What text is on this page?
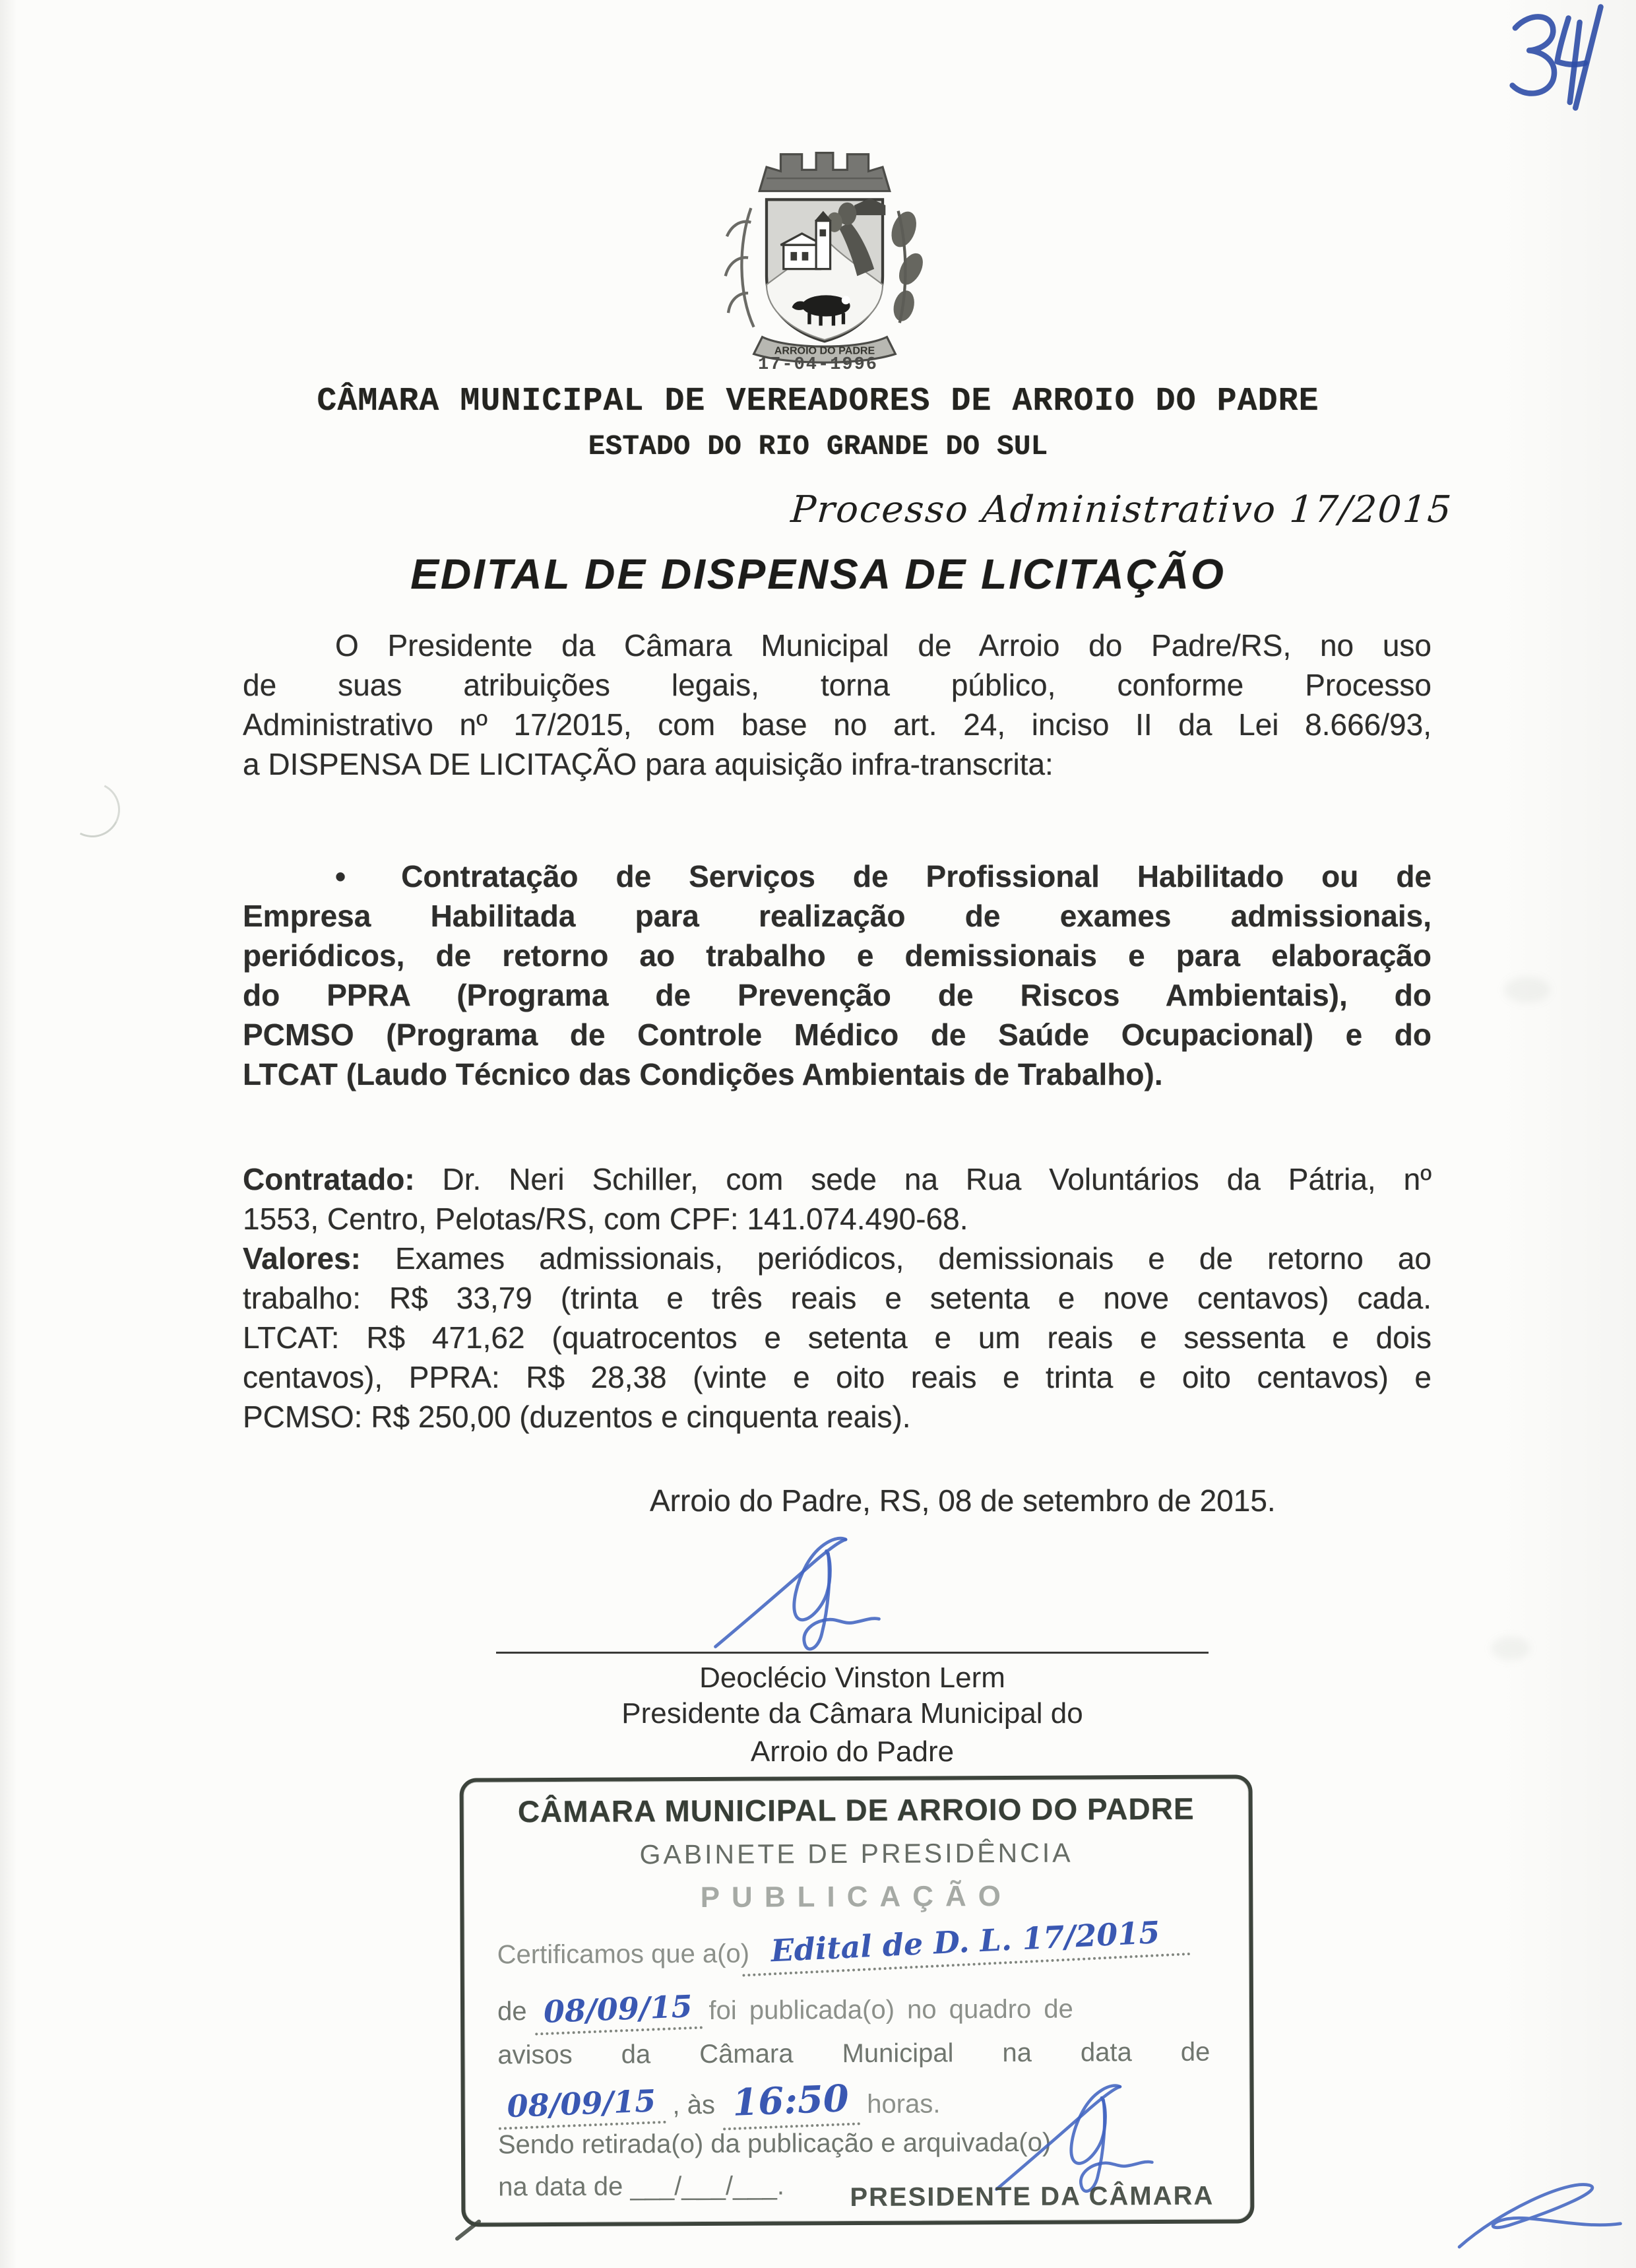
ARROIO DO PADRE
17-04-1996
CÂMARA MUNICIPAL DE VEREADORES DE ARROIO DO PADRE
ESTADO DO RIO GRANDE DO SUL
Processo Administrativo 17/2015
EDITAL DE DISPENSA DE LICITAÇÃO
O Presidente da Câmara Municipal de Arroio do Padre/RS, no uso
de suas atribuições legais, torna público, conforme Processo
Administrativo nº 17/2015, com base no art. 24, inciso II da Lei 8.666/93,
a DISPENSA DE LICITAÇÃO para aquisição infra-transcrita:
• Contratação de Serviços de Profissional Habilitado ou de
Empresa Habilitada para realização de exames admissionais,
periódicos, de retorno ao trabalho e demissionais e para elaboração
do PPRA (Programa de Prevenção de Riscos Ambientais), do
PCMSO (Programa de Controle Médico de Saúde Ocupacional) e do
LTCAT (Laudo Técnico das Condições Ambientais de Trabalho).
Contratado: Dr. Neri Schiller, com sede na Rua Voluntários da Pátria, nº
1553, Centro, Pelotas/RS, com CPF: 141.074.490-68.
Valores: Exames admissionais, periódicos, demissionais e de retorno ao
trabalho: R$ 33,79 (trinta e três reais e setenta e nove centavos) cada.
LTCAT: R$ 471,62 (quatrocentos e setenta e um reais e sessenta e dois
centavos), PPRA: R$ 28,38 (vinte e oito reais e trinta e oito centavos) e
PCMSO: R$ 250,00 (duzentos e cinquenta reais).
Arroio do Padre, RS, 08 de setembro de 2015.
Deoclécio Vinston Lerm
Presidente da Câmara Municipal do
Arroio do Padre
CÂMARA MUNICIPAL DE ARROIO DO PADRE
GABINETE DE PRESIDÊNCIA
PUBLICAÇÃO
Certificamos que a(o) Edital de D. L. 17/2015
de 08/09/15 foi publicada(o) no quadro de
avisos da Câmara Municipal na data de
08/09/15 , às 16:50 horas.
Sendo retirada(o) da publicação e arquivada(o)
na data de ___/___/___.	PRESIDENTE DA CÂMARA
